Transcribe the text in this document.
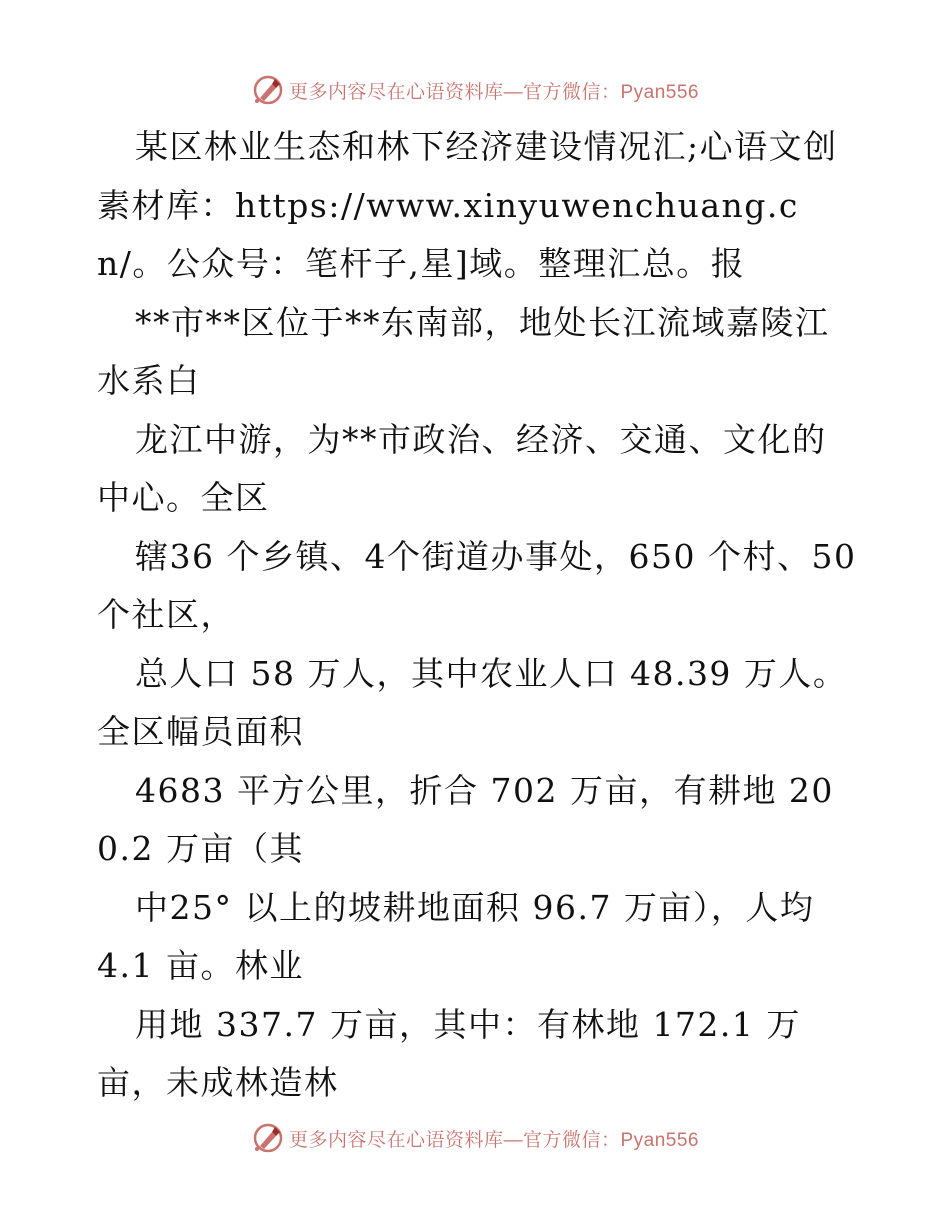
更多内容尽在心语资料库—官方微信：Pyan556

某区林业生态和林下经济建设情况汇;心语文创素材库：https://www.xinyuwenchuang.cn/。公众号：笔杆子,星]域。整理汇总。报

**市**区位于**东南部，地处长江流域嘉陵江水系白

龙江中游，为**市政治、经济、交通、文化的中心。全区

辖36 个乡镇、4个街道办事处，650 个村、50 个社区，

总人口 58 万人，其中农业人口 48.39 万人。全区幅员面积

4683 平方公里，折合 702 万亩，有耕地 200.2 万亩（其

中25° 以上的坡耕地面积 96.7 万亩），人均 4.1 亩。林业

用地 337.7 万亩，其中：有林地 172.1 万亩，未成林造林

更多内容尽在心语资料库—官方微信：Pyan556
